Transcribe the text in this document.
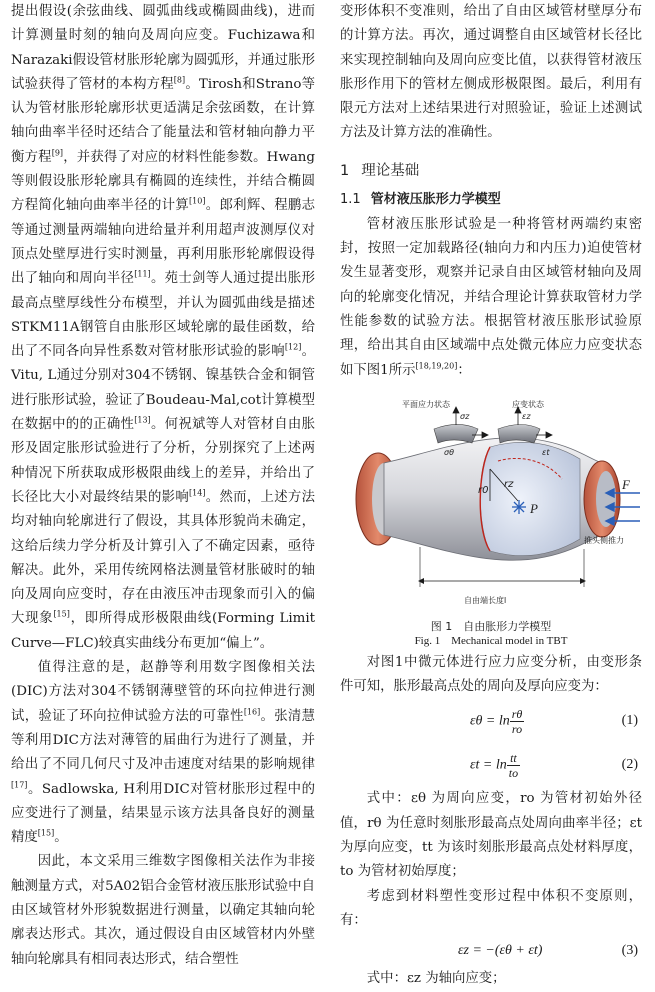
提出假设(余弦曲线、圆弧曲线或椭圆曲线)，进而计算测量时刻的轴向及周向应变。Fuchizawa和Narazaki假设管材胀形轮廓为圆弧形，并通过胀形试验获得了管材的本构方程[8]。Tirosh和Strano等认为管材胀形轮廓形状更适满足余弦函数，在计算轴向曲率半径时还结合了能量法和管材轴向静力平衡方程[9]，并获得了对应的材料性能参数。Hwang等则假设胀形轮廓具有椭圆的连续性，并结合椭圆方程简化轴向曲率半径的计算[10]。郎利辉、程鹏志等通过测量两端轴向进给量并利用超声波测厚仪对顶点处壁厚进行实时测量，再利用胀形轮廓假设得出了轴向和周向半径[11]。苑士剑等人通过提出胀形最高点壁厚线性分布模型，并认为圆弧曲线是描述STKM11A钢管自由胀形区域轮廓的最佳函数，给出了不同各向异性系数对管材胀形试验的影响[12]。Vitu, L通过分别对304不锈钢、镍基铁合金和铜管进行胀形试验，验证了Boudeau-Mal,cot计算模型在数据中的的正确性[13]。何祝斌等人对管材自由胀形及固定胀形试验进行了分析，分别探究了上述两种情况下所获取成形极限曲线上的差异，并给出了长径比大小对最终结果的影响[14]。然而，上述方法均对轴向轮廓进行了假设，其具体形貌尚未确定，这给后续力学分析及计算引入了不确定因素，亟待解决。此外，采用传统网格法测量管材胀破时的轴向及周向应变时，存在由液压冲击现象而引入的偏大现象[15]，即所得成形极限曲线(Forming Limit Curve—FLC)较真实曲线分布更加“偏上”。

值得注意的是，赵静等利用数字图像相关法(DIC)方法对304不锈钢薄壁管的环向拉伸进行测试，验证了环向拉伸试验方法的可靠性[16]。张清慧等利用DIC方法对薄管的届曲行为进行了测量，并给出了不同几何尺寸及冲击速度对结果的影响规律[17]。Sadlowska, H利用DIC对管材胀形过程中的应变进行了测量，结果显示该方法具备良好的测量精度[15]。

因此，本文采用三维数字图像相关法作为非接触测量方式，对5A02铝合金管材液压胀形试验中自由区域管材外形貌数据进行测量，以确定其轴向轮廓表达形式。其次，通过假设自由区域管材内外壁轴向轮廓具有相同表达形式，结合塑性

变形体积不变准则，给出了自由区域管材壁厚分布的计算方法。再次，通过调整自由区域管材长径比来实现控制轴向及周向应变比值，以获得管材液压胀形作用下的管材左侧成形极限图。最后，利用有限元方法对上述结果进行对照验证，验证上述测试方法及计算方法的准确性。

1 理论基础
1.1 管材液压胀形力学模型

管材液压胀形试验是一种将管材两端约束密封，按照一定加载路径(轴向力和内压力)迫使管材发生显著变形，观察并记录自由区域管材轴向及周向的轮廓变化情况，并结合理论计算获取管材力学性能参数的试验方法。根据管材液压胀形试验原理，给出其自由区域端中点处微元体应力应变状态如下图1所示[18,19,20]：

平面应力状态	应变状态
σz
σθ
εz
εt
r0
rz
P
F
推头侧推力
自由端长度l
图 1　自由胀形力学模型
Fig. 1　Mechanical model in TBT

对图1中微元体进行应力应变分析，由变形条件可知，胀形最高点处的周向及厚向应变为：

$\varepsilon\theta = \ln \frac{r\theta}{ro}$	(1)
$\varepsilon t = \ln \frac{tt}{to}$	(2)

式中：εθ 为周向应变，ro 为管材初始外径值，rθ 为任意时刻胀形最高点处周向曲率半径；εt 为厚向应变，tt 为该时刻胀形最高点处材料厚度，to 为管材初始厚度；

考虑到材料塑性变形过程中体积不变原则，有：

εz = −(εθ + εt)	(3)

式中：εz 为轴向应变；
